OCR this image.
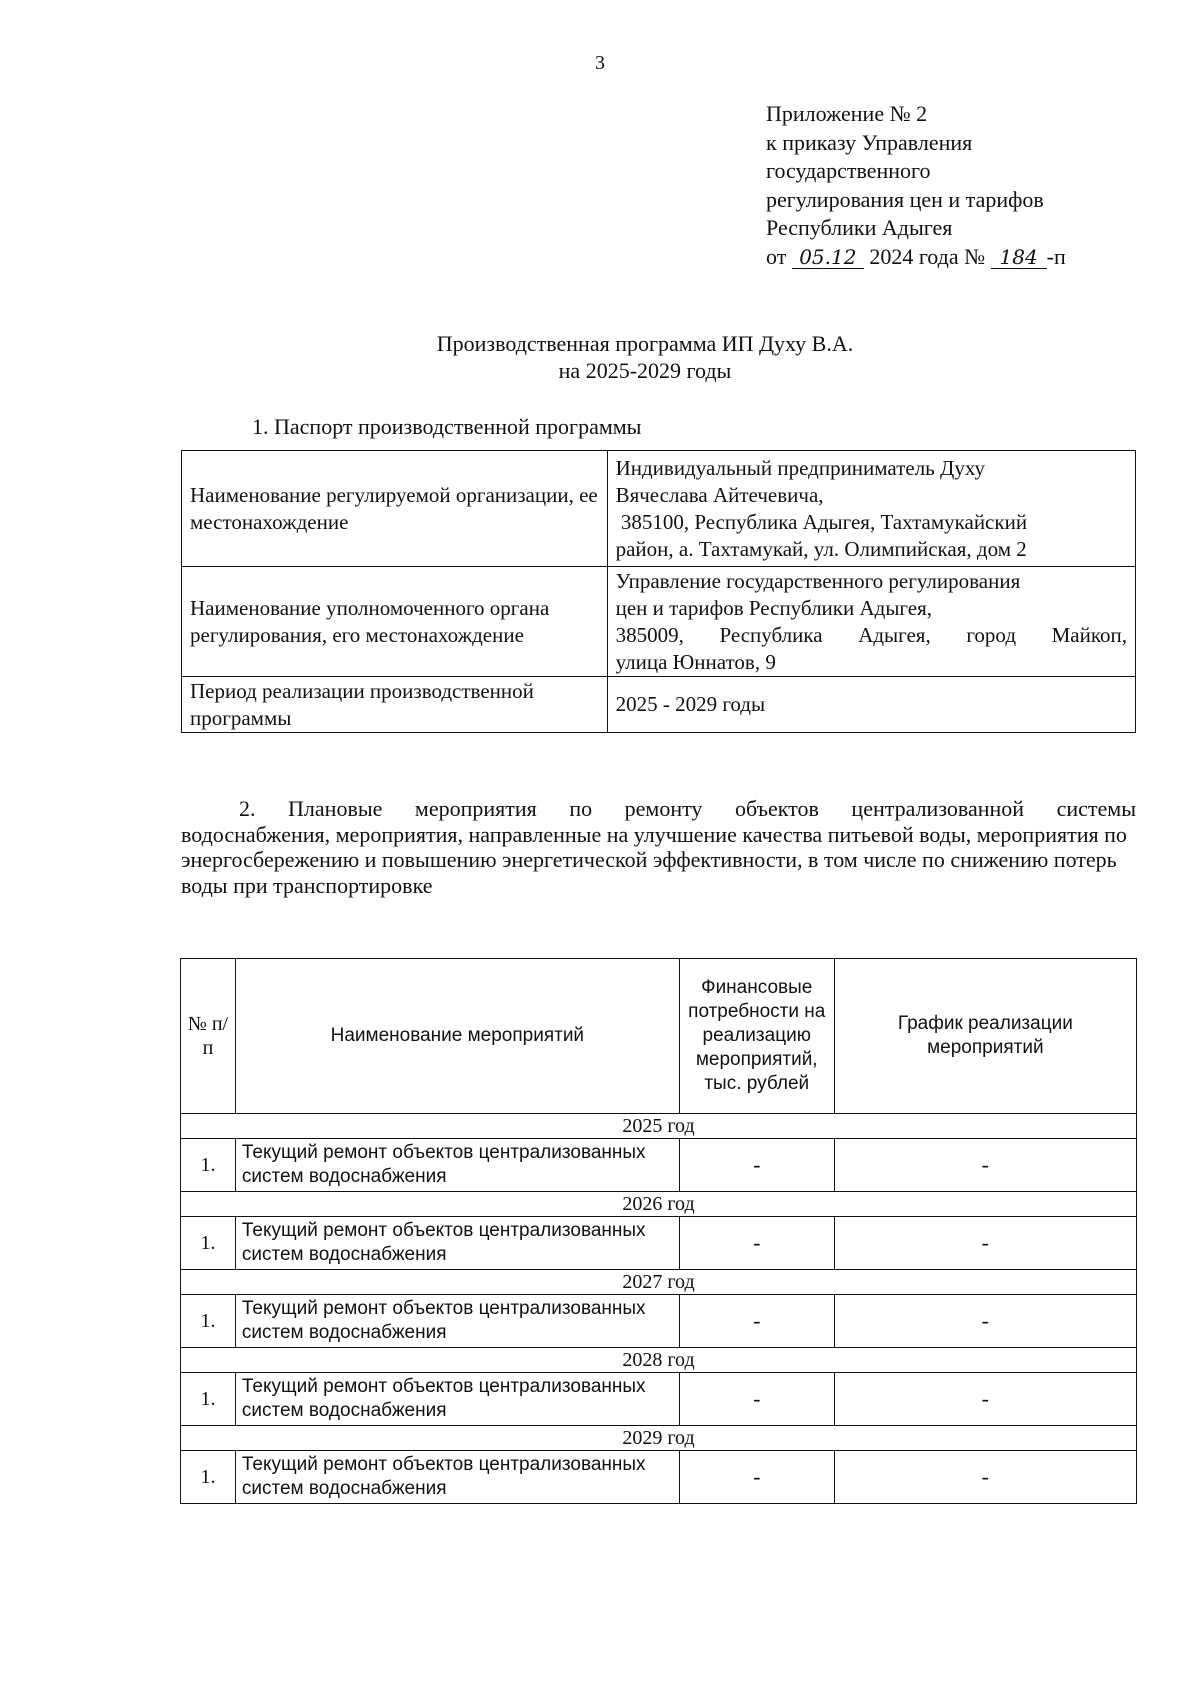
3
Приложение № 2
к приказу Управления
государственного
регулирования цен и тарифов
Республики Адыгея
от 05.12 2024 года № 184 -п
Производственная программа ИП Духу В.А.
на 2025-2029 годы
1. Паспорт производственной программы
Наименование регулируемой организации, ее местонахождение	Индивидуальный предприниматель Духу
Вячеслава Айтечевича,
385100, Республика Адыгея, Тахтамукайский
район, а. Тахтамукай, ул. Олимпийская, дом 2

Наименование уполномоченного органа регулирования, его местонахождение	Управление государственного регулирования
цен и тарифов Республики Адыгея,
385009, Республика Адыгея, город Майкоп,
улица Юннатов, 9

Период реализации производственной программы	2025 - 2029 годы
2. Плановые мероприятия по ремонту объектов централизованной системы
водоснабжения, мероприятия, направленные на улучшение качества питьевой воды, мероприятия по энергосбережению и повышению энергетической эффективности, в том числе по снижению потерь воды при транспортировке
№ п/п	Наименование мероприятий	Финансовые потребности на реализацию мероприятий, тыс. рублей	График реализации мероприятий
2025 год			
1.	Текущий ремонт объектов централизованных систем водоснабжения	-	-
2026 год			
1.	Текущий ремонт объектов централизованных систем водоснабжения	-	-
2027 год			
1.	Текущий ремонт объектов централизованных систем водоснабжения	-	-
2028 год			
1.	Текущий ремонт объектов централизованных систем водоснабжения	-	-
2029 год			
1.	Текущий ремонт объектов централизованных систем водоснабжения	-	-
